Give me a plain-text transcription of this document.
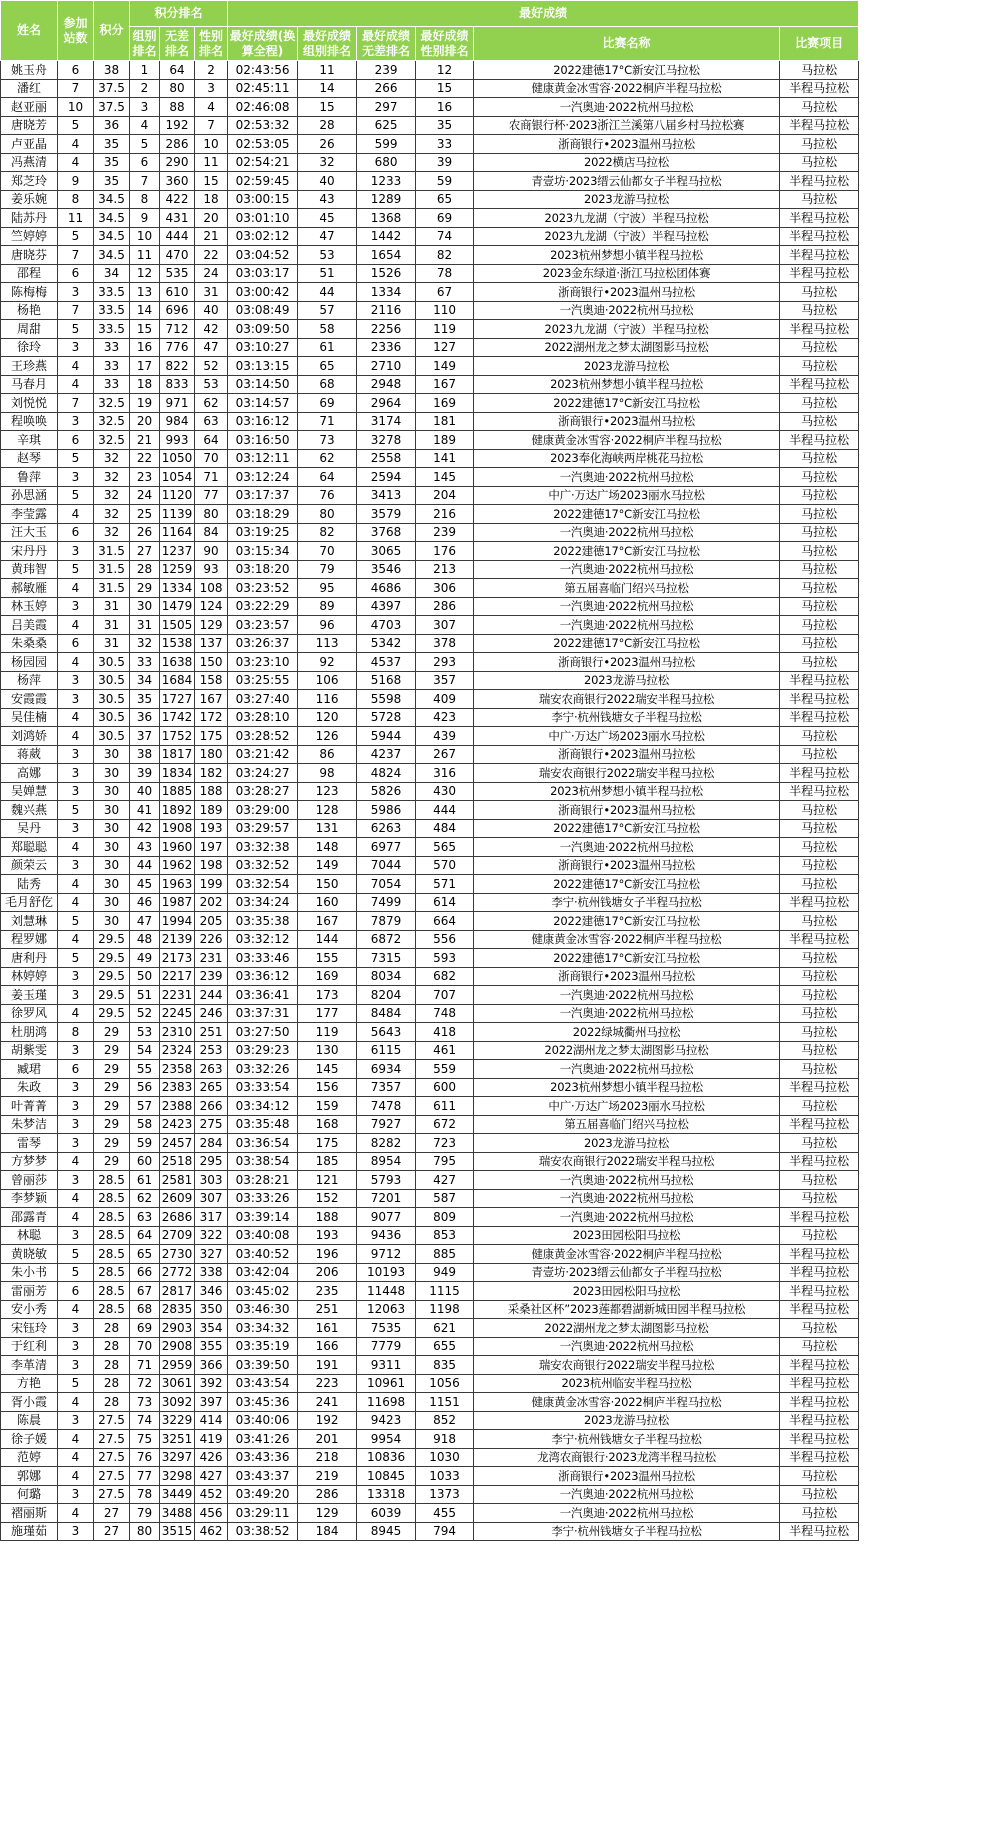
姓名	参加站数	积分	积分排名			最好成绩					
			组别排名	无差排名	性别排名	最好成绩(换算全程)	最好成绩组别排名	最好成绩无差排名	最好成绩性别排名	比赛名称	比赛项目
姚玉舟	6	38	1	64	2	02:43:56	11	239	12	2022建德17°C新安江马拉松	马拉松
潘红	7	37.5	2	80	3	02:45:11	14	266	15	健康黄金冰雪容·2022桐庐半程马拉松	半程马拉松
赵亚丽	10	37.5	3	88	4	02:46:08	15	297	16	一汽奥迪·2022杭州马拉松	马拉松
唐晓芳	5	36	4	192	7	02:53:32	28	625	35	农商银行杯·2023浙江兰溪第八届乡村马拉松赛	半程马拉松
卢亚晶	4	35	5	286	10	02:53:05	26	599	33	浙商银行•2023温州马拉松	马拉松
冯燕清	4	35	6	290	11	02:54:21	32	680	39	2022横店马拉松	马拉松
郑芝玲	9	35	7	360	15	02:59:45	40	1233	59	青壹坊·2023缙云仙都女子半程马拉松	半程马拉松
姜乐婉	8	34.5	8	422	18	03:00:15	43	1289	65	2023龙游马拉松	马拉松
陆苏丹	11	34.5	9	431	20	03:01:10	45	1368	69	2023九龙湖（宁波）半程马拉松	半程马拉松
竺婷婷	5	34.5	10	444	21	03:02:12	47	1442	74	2023九龙湖（宁波）半程马拉松	半程马拉松
唐晓芬	7	34.5	11	470	22	03:04:52	53	1654	82	2023杭州梦想小镇半程马拉松	半程马拉松
邵程	6	34	12	535	24	03:03:17	51	1526	78	2023金东绿道·浙江马拉松团体赛	半程马拉松
陈梅梅	3	33.5	13	610	31	03:00:42	44	1334	67	浙商银行•2023温州马拉松	马拉松
杨艳	7	33.5	14	696	40	03:08:49	57	2116	110	一汽奥迪·2022杭州马拉松	马拉松
周甜	5	33.5	15	712	42	03:09:50	58	2256	119	2023九龙湖（宁波）半程马拉松	半程马拉松
徐玲	3	33	16	776	47	03:10:27	61	2336	127	2022湖州龙之梦太湖图影马拉松	马拉松
王珍燕	4	33	17	822	52	03:13:15	65	2710	149	2023龙游马拉松	马拉松
马春月	4	33	18	833	53	03:14:50	68	2948	167	2023杭州梦想小镇半程马拉松	半程马拉松
刘悦悦	7	32.5	19	971	62	03:14:57	69	2964	169	2022建德17°C新安江马拉松	马拉松
程唤唤	3	32.5	20	984	63	03:16:12	71	3174	181	浙商银行•2023温州马拉松	马拉松
辛琪	6	32.5	21	993	64	03:16:50	73	3278	189	健康黄金冰雪容·2022桐庐半程马拉松	半程马拉松
赵琴	5	32	22	1050	70	03:12:11	62	2558	141	2023奉化海峡两岸桃花马拉松	马拉松
鲁萍	3	32	23	1054	71	03:12:24	64	2594	145	一汽奥迪·2022杭州马拉松	马拉松
孙思涵	5	32	24	1120	77	03:17:37	76	3413	204	中广·万达广场2023丽水马拉松	马拉松
李莹露	4	32	25	1139	80	03:18:29	80	3579	216	2022建德17°C新安江马拉松	马拉松
汪大玉	6	32	26	1164	84	03:19:25	82	3768	239	一汽奥迪·2022杭州马拉松	马拉松
宋丹丹	3	31.5	27	1237	90	03:15:34	70	3065	176	2022建德17°C新安江马拉松	马拉松
黄玮智	5	31.5	28	1259	93	03:18:20	79	3546	213	一汽奥迪·2022杭州马拉松	马拉松
郝敏雁	4	31.5	29	1334	108	03:23:52	95	4686	306	第五届喜临门绍兴马拉松	马拉松
林玉婷	3	31	30	1479	124	03:22:29	89	4397	286	一汽奥迪·2022杭州马拉松	马拉松
吕美霞	4	31	31	1505	129	03:23:57	96	4703	307	一汽奥迪·2022杭州马拉松	马拉松
朱桑桑	6	31	32	1538	137	03:26:37	113	5342	378	2022建德17°C新安江马拉松	马拉松
杨园园	4	30.5	33	1638	150	03:23:10	92	4537	293	浙商银行•2023温州马拉松	马拉松
杨萍	3	30.5	34	1684	158	03:25:55	106	5168	357	2023龙游马拉松	半程马拉松
安霞霞	3	30.5	35	1727	167	03:27:40	116	5598	409	瑞安农商银行2022瑞安半程马拉松	半程马拉松
吴佳楠	4	30.5	36	1742	172	03:28:10	120	5728	423	李宁·杭州钱塘女子半程马拉松	半程马拉松
刘鸿娇	4	30.5	37	1752	175	03:28:52	126	5944	439	中广·万达广场2023丽水马拉松	马拉松
蒋葳	3	30	38	1817	180	03:21:42	86	4237	267	浙商银行•2023温州马拉松	马拉松
高娜	3	30	39	1834	182	03:24:27	98	4824	316	瑞安农商银行2022瑞安半程马拉松	半程马拉松
吴婵慧	3	30	40	1885	188	03:28:27	123	5826	430	2023杭州梦想小镇半程马拉松	半程马拉松
魏兴燕	5	30	41	1892	189	03:29:00	128	5986	444	浙商银行•2023温州马拉松	马拉松
吴丹	3	30	42	1908	193	03:29:57	131	6263	484	2022建德17°C新安江马拉松	马拉松
郑聪聪	4	30	43	1960	197	03:32:38	148	6977	565	一汽奥迪·2022杭州马拉松	马拉松
颜荣云	3	30	44	1962	198	03:32:52	149	7044	570	浙商银行•2023温州马拉松	马拉松
陆秀	4	30	45	1963	199	03:32:54	150	7054	571	2022建德17°C新安江马拉松	马拉松
毛月舒仡	4	30	46	1987	202	03:34:24	160	7499	614	李宁·杭州钱塘女子半程马拉松	半程马拉松
刘慧琳	5	30	47	1994	205	03:35:38	167	7879	664	2022建德17°C新安江马拉松	马拉松
程罗娜	4	29.5	48	2139	226	03:32:12	144	6872	556	健康黄金冰雪容·2022桐庐半程马拉松	半程马拉松
唐利丹	5	29.5	49	2173	231	03:33:46	155	7315	593	2022建德17°C新安江马拉松	马拉松
林婷婷	3	29.5	50	2217	239	03:36:12	169	8034	682	浙商银行•2023温州马拉松	马拉松
姜玉瑾	3	29.5	51	2231	244	03:36:41	173	8204	707	一汽奥迪·2022杭州马拉松	马拉松
徐罗风	4	29.5	52	2245	246	03:37:31	177	8484	748	一汽奥迪·2022杭州马拉松	马拉松
杜朋鸿	8	29	53	2310	251	03:27:50	119	5643	418	2022绿城衢州马拉松	马拉松
胡紫雯	3	29	54	2324	253	03:29:23	130	6115	461	2022湖州龙之梦太湖图影马拉松	马拉松
臧珺	6	29	55	2358	263	03:32:26	145	6934	559	一汽奥迪·2022杭州马拉松	马拉松
朱政	3	29	56	2383	265	03:33:54	156	7357	600	2023杭州梦想小镇半程马拉松	半程马拉松
叶菁菁	3	29	57	2388	266	03:34:12	159	7478	611	中广·万达广场2023丽水马拉松	马拉松
朱梦洁	3	29	58	2423	275	03:35:48	168	7927	672	第五届喜临门绍兴马拉松	半程马拉松
雷琴	3	29	59	2457	284	03:36:54	175	8282	723	2023龙游马拉松	马拉松
方梦梦	4	29	60	2518	295	03:38:54	185	8954	795	瑞安农商银行2022瑞安半程马拉松	半程马拉松
曾丽莎	3	28.5	61	2581	303	03:28:21	121	5793	427	一汽奥迪·2022杭州马拉松	马拉松
李梦颖	4	28.5	62	2609	307	03:33:26	152	7201	587	一汽奥迪·2022杭州马拉松	马拉松
邵露青	4	28.5	63	2686	317	03:39:14	188	9077	809	一汽奥迪·2022杭州马拉松	半程马拉松
林聪	3	28.5	64	2709	322	03:40:08	193	9436	853	2023田园松阳马拉松	马拉松
黄晓敏	5	28.5	65	2730	327	03:40:52	196	9712	885	健康黄金冰雪容·2022桐庐半程马拉松	半程马拉松
朱小书	5	28.5	66	2772	338	03:42:04	206	10193	949	青壹坊·2023缙云仙都女子半程马拉松	半程马拉松
雷丽芳	6	28.5	67	2817	346	03:45:02	235	11448	1115	2023田园松阳马拉松	半程马拉松
安小秀	4	28.5	68	2835	350	03:46:30	251	12063	1198	采桑社区杯”2023莲都碧湖新城田园半程马拉松	半程马拉松
宋钰玲	3	28	69	2903	354	03:34:32	161	7535	621	2022湖州龙之梦太湖图影马拉松	马拉松
于红利	3	28	70	2908	355	03:35:19	166	7779	655	一汽奥迪·2022杭州马拉松	马拉松
李革清	3	28	71	2959	366	03:39:50	191	9311	835	瑞安农商银行2022瑞安半程马拉松	半程马拉松
方艳	5	28	72	3061	392	03:43:54	223	10961	1056	2023杭州临安半程马拉松	半程马拉松
胥小霞	4	28	73	3092	397	03:45:36	241	11698	1151	健康黄金冰雪容·2022桐庐半程马拉松	半程马拉松
陈晨	3	27.5	74	3229	414	03:40:06	192	9423	852	2023龙游马拉松	半程马拉松
徐子媛	4	27.5	75	3251	419	03:41:26	201	9954	918	李宁·杭州钱塘女子半程马拉松	半程马拉松
范婷	4	27.5	76	3297	426	03:43:36	218	10836	1030	龙湾农商银行·2023龙湾半程马拉松	半程马拉松
郭娜	4	27.5	77	3298	427	03:43:37	219	10845	1033	浙商银行•2023温州马拉松	马拉松
何璐	3	27.5	78	3449	452	03:49:20	286	13318	1373	一汽奥迪·2022杭州马拉松	马拉松
褶丽斯	4	27	79	3488	456	03:29:11	129	6039	455	一汽奥迪·2022杭州马拉松	马拉松
施瑾茹	3	27	80	3515	462	03:38:52	184	8945	794	李宁·杭州钱塘女子半程马拉松	半程马拉松
